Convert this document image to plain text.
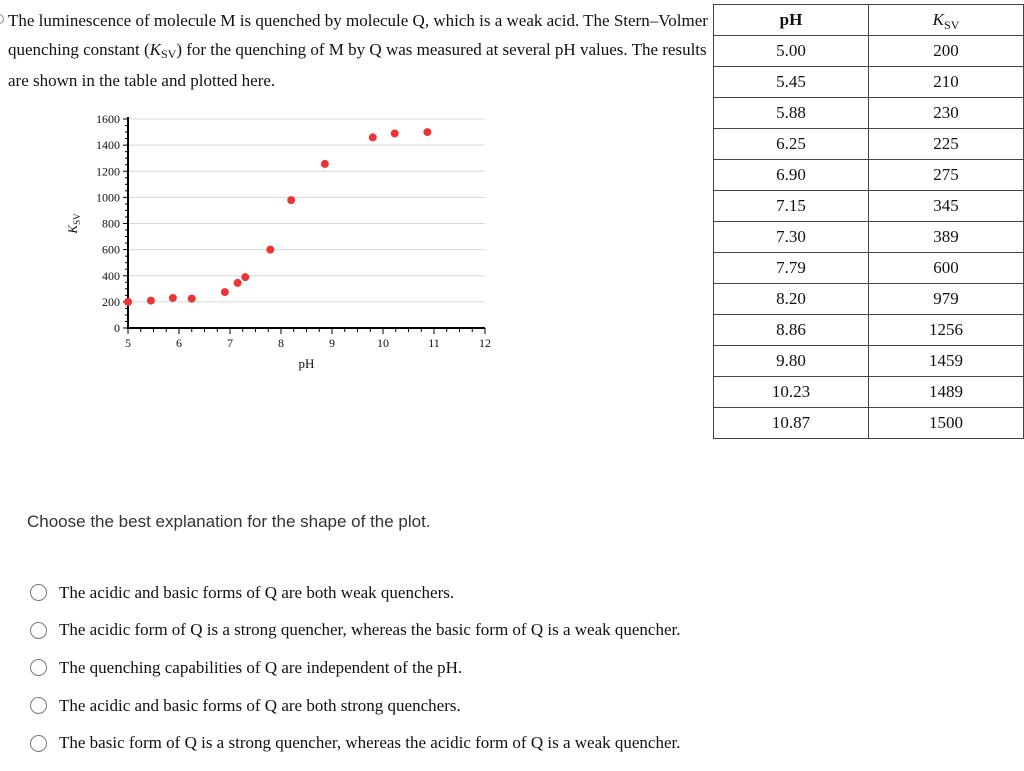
The luminescence of molecule M is quenched by molecule Q, which is a weak acid. The Stern–Volmer quenching constant (KSV) for the quenching of M by Q was measured at several pH values. The results are shown in the table and plotted here.

0
200
400
600
800
1000
1200
1400
1600
5	6	7	8	9	10	11	12
pH
$K_{SV}$
pH	$K_{SV}$
5.00	200
5.45	210
5.88	230
6.25	225
6.90	275
7.15	345
7.30	389
7.79	600
8.20	979
8.86	1256
9.80	1459
10.23	1489
10.87	1500

Choose the best explanation for the shape of the plot.

The acidic and basic forms of Q are both weak quenchers.
The acidic form of Q is a strong quencher, whereas the basic form of Q is a weak quencher.
The quenching capabilities of Q are independent of the pH.
The acidic and basic forms of Q are both strong quenchers.
The basic form of Q is a strong quencher, whereas the acidic form of Q is a weak quencher.
